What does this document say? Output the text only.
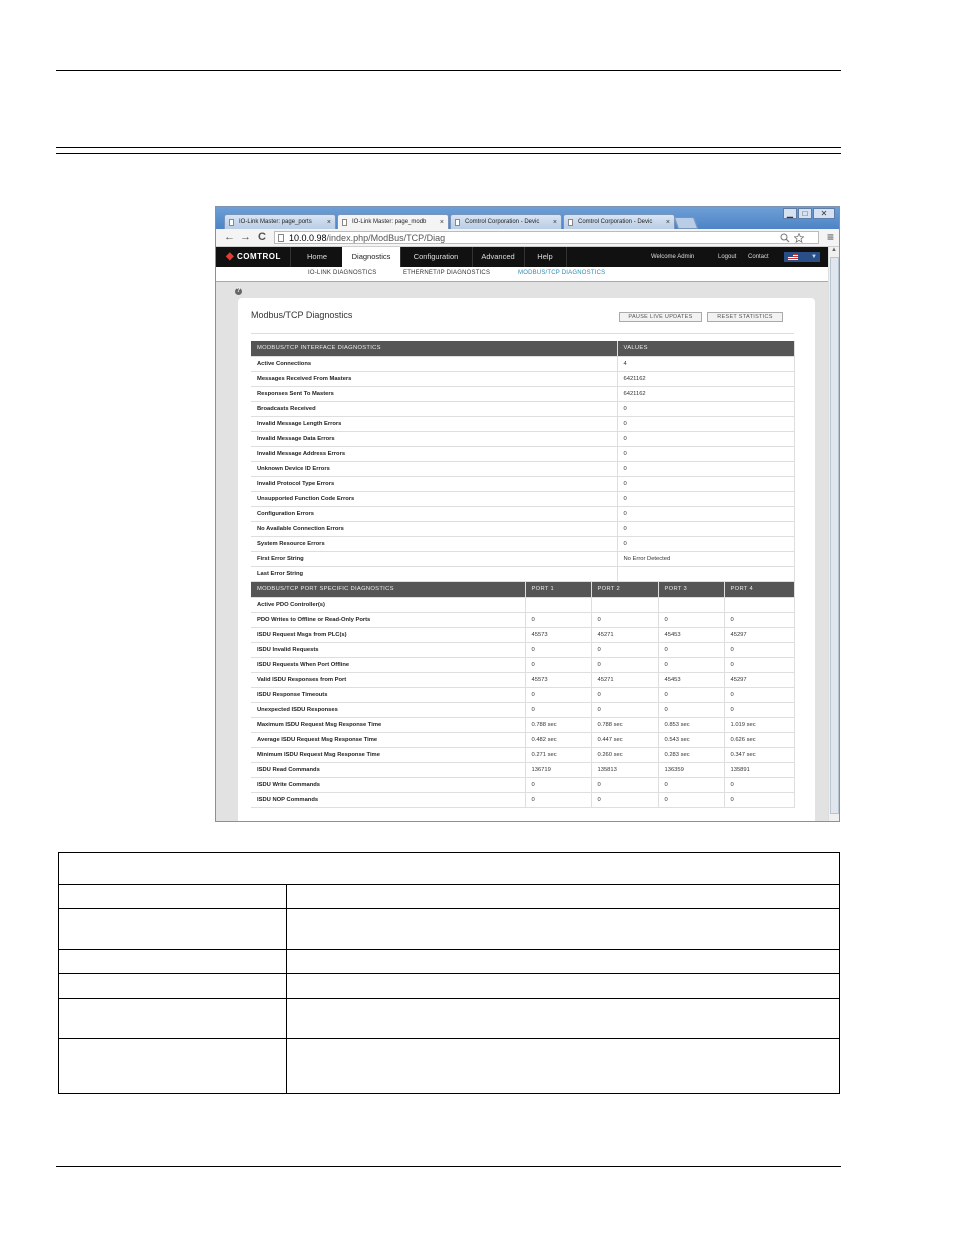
IO-Link Master: page_ports ×	IO-Link Master: page_modb ×	Comtrol Corporation - Devic ×	Comtrol Corporation - Devic ×
▁	□	✕
← → C	10.0.0.98/index.php/ModBus/TCP/Diag	≡
◆ COMTROL	Home	Diagnostics	Configuration	Advanced	Help	Welcome Admin	Logout Contact	▼
IO-LINK DIAGNOSTICS	ETHERNET/IP DIAGNOSTICS	MODBUS/TCP DIAGNOSTICS
?
Modbus/TCP Diagnostics	PAUSE LIVE UPDATES	RESET STATISTICS
MODBUS/TCP INTERFACE DIAGNOSTICS	VALUES
Active Connections	4
Messages Received From Masters	6421162
Responses Sent To Masters	6421162
Broadcasts Received	0
Invalid Message Length Errors	0
Invalid Message Data Errors	0
Invalid Message Address Errors	0
Unknown Device ID Errors	0
Invalid Protocol Type Errors	0
Unsupported Function Code Errors	0
Configuration Errors	0
No Available Connection Errors	0
System Resource Errors	0
First Error String	No Error Detected
Last Error String	
MODBUS/TCP PORT SPECIFIC DIAGNOSTICS	PORT 1	PORT 2	PORT 3	PORT 4
Active PDO Controller(s)				
PDO Writes to Offline or Read-Only Ports	0	0	0	0
ISDU Request Msgs from PLC(s)	45573	45271	45453	45297
ISDU Invalid Requests	0	0	0	0
ISDU Requests When Port Offline	0	0	0	0
Valid ISDU Responses from Port	45573	45271	45453	45297
ISDU Response Timeouts	0	0	0	0
Unexpected ISDU Responses	0	0	0	0
Maximum ISDU Request Msg Response Time	0.788 sec	0.788 sec	0.853 sec	1.019 sec
Average ISDU Request Msg Response Time	0.482 sec	0.447 sec	0.543 sec	0.626 sec
Minimum ISDU Request Msg Response Time	0.271 sec	0.260 sec	0.283 sec	0.347 sec
ISDU Read Commands	136719	135813	136359	135891
ISDU Write Commands	0	0	0	0
ISDU NOP Commands	0	0	0	0
▲
